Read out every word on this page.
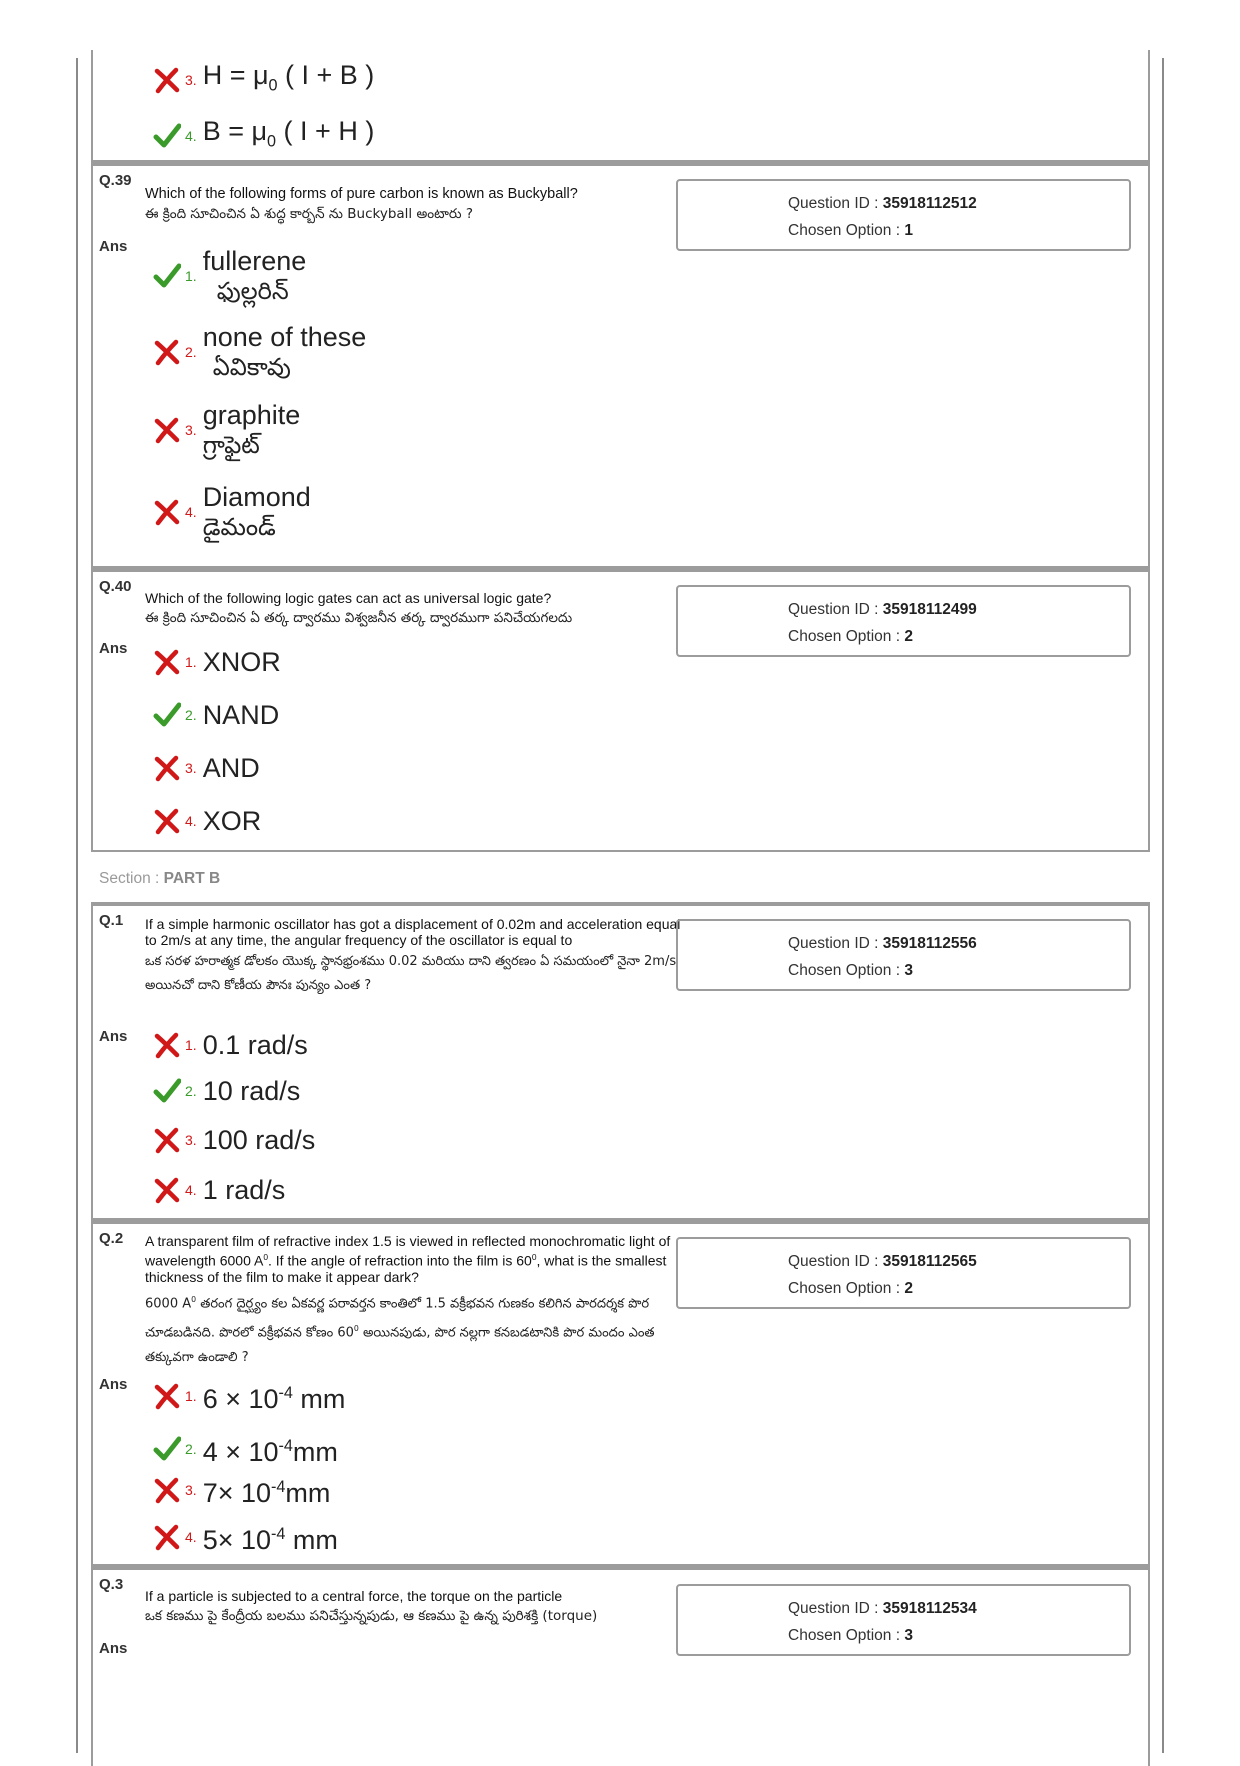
3. $H = \mu_0$ ( I + B )
4. $B = \mu_0$ ( I + H )
Q.39
Which of the following forms of pure carbon is known as Buckyball?
ఈ క్రింది సూచించిన ఏ శుద్ధ కార్బన్ ను Buckyball అంటారు ?
Ans
Question ID : 35918112512
Chosen Option : 1
1. fullerene
ఫుల్లరిన్
2. none of these
ఏవికావు
3. graphite
గ్రాఫైట్
4. Diamond
డైమండ్
Q.40
Which of the following logic gates can act as universal logic gate?
ఈ క్రింది సూచించిన ఏ తర్క ద్వారము విశ్వజనీన తర్క ద్వారముగా పనిచేయగలదు
Ans
Question ID : 35918112499
Chosen Option : 2
1. XNOR
2. NAND
3. AND
4. XOR
Section : PART B
Q.1 If a simple harmonic oscillator has got a displacement of 0.02m and acceleration equal to 2m/s at any time, the angular frequency of the oscillator is equal to
ఒక సరళ హరాత్మక డోలకం యొక్క స్థానభ్రంశము 0.02 మరియు దాని త్వరణం ఏ సమయంలో నైనా 2m/s అయినచో దాని కోణీయ పౌనః పున్యం ఎంత ?
Ans
Question ID : 35918112556
Chosen Option : 3
1. 0.1 rad/s
2. 10 rad/s
3. 100 rad/s
4. 1 rad/s
Q.2 A transparent film of refractive index 1.5 is viewed in reflected monochromatic light of wavelength 6000 $A^0$. If the angle of refraction into the film is $60^0$, what is the smallest thickness of the film to make it appear dark?
6000 $A^0$ తరంగ దైర్ఘ్యం కల ఏకవర్ణ పరావర్తన కాంతిలో 1.5 వక్రీభవన గుణకం కలిగిన పారదర్శక పొర చూడబడినది. పొరలో వక్రీభవన కోణం $60^0$ అయినపుడు, పొర నల్లగా కనబడటానికి పొర మందం ఎంత తక్కువగా ఉండాలి ?
Ans
Question ID : 35918112565
Chosen Option : 2
1. $6 \times 10^{-4}$ mm
2. $4 \times 10^{-4}mm$
3. $7\times 10^{-4}mm$
4. $5\times 10^{-4}$ mm
Q.3
If a particle is subjected to a central force, the torque on the particle
ఒక కణము పై కేంద్రీయ బలము పనిచేస్తున్నపుడు, ఆ కణము పై ఉన్న పురిశక్తి (torque)
Ans
Question ID : 35918112534
Chosen Option : 3
